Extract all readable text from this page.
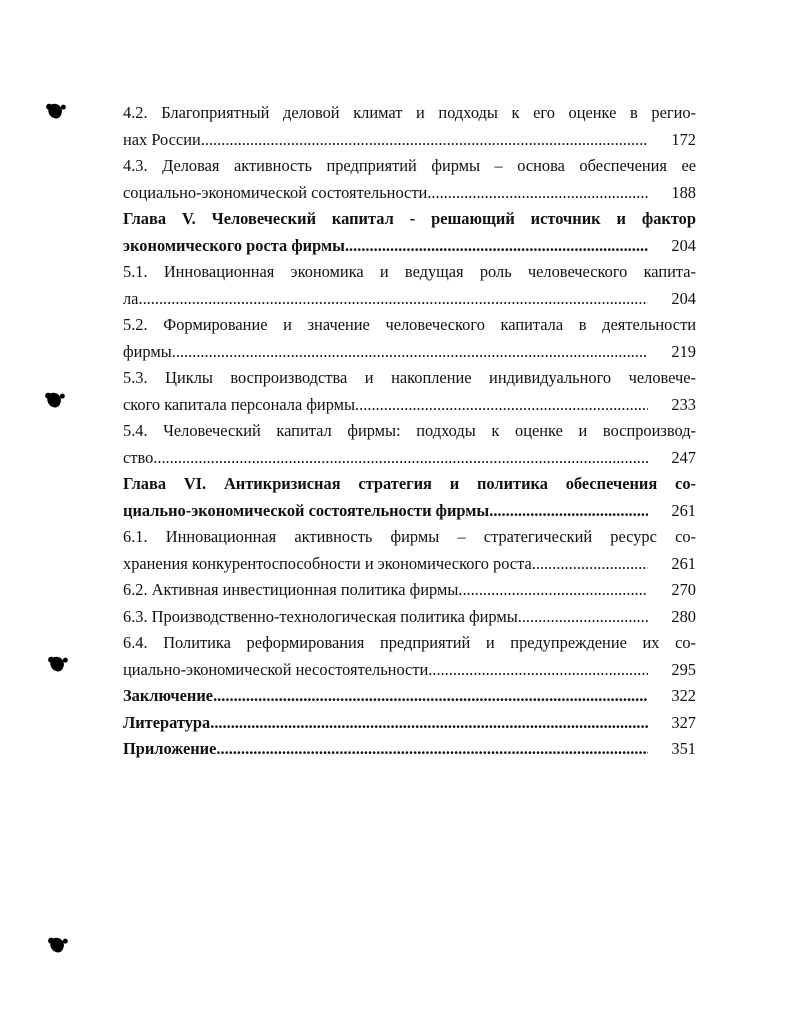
4.2. Благоприятный деловой климат и подходы к его оценке в регио-
нах России .....	172
4.3. Деловая активность предприятий фирмы – основа обеспечения ее
социально-экономической состоятельности .....	188
Глава V. Человеческий капитал - решающий источник и фактор
экономического роста фирмы .....	204
5.1. Инновационная экономика и ведущая роль человеческого капита-
ла .....	204
5.2. Формирование и значение человеческого капитала в деятельности
фирмы .....	219
5.3. Циклы воспроизводства и накопление индивидуального человече-
ского капитала персонала фирмы .....	233
5.4. Человеческий капитал фирмы: подходы к оценке и воспроизвод-
ство .....	247
Глава VI. Антикризисная стратегия и политика обеспечения со-
циально-экономической состоятельности фирмы .....	261
6.1. Инновационная активность фирмы – стратегический ресурс со-
хранения конкурентоспособности и экономического роста .....	261
6.2. Активная инвестиционная политика фирмы .....	270
6.3. Производственно-технологическая политика фирмы .....	280
6.4. Политика реформирования предприятий и предупреждение их со-
циально-экономической несостоятельности .....	295
Заключение .....	322
Литература .....	327
Приложение .....	351
